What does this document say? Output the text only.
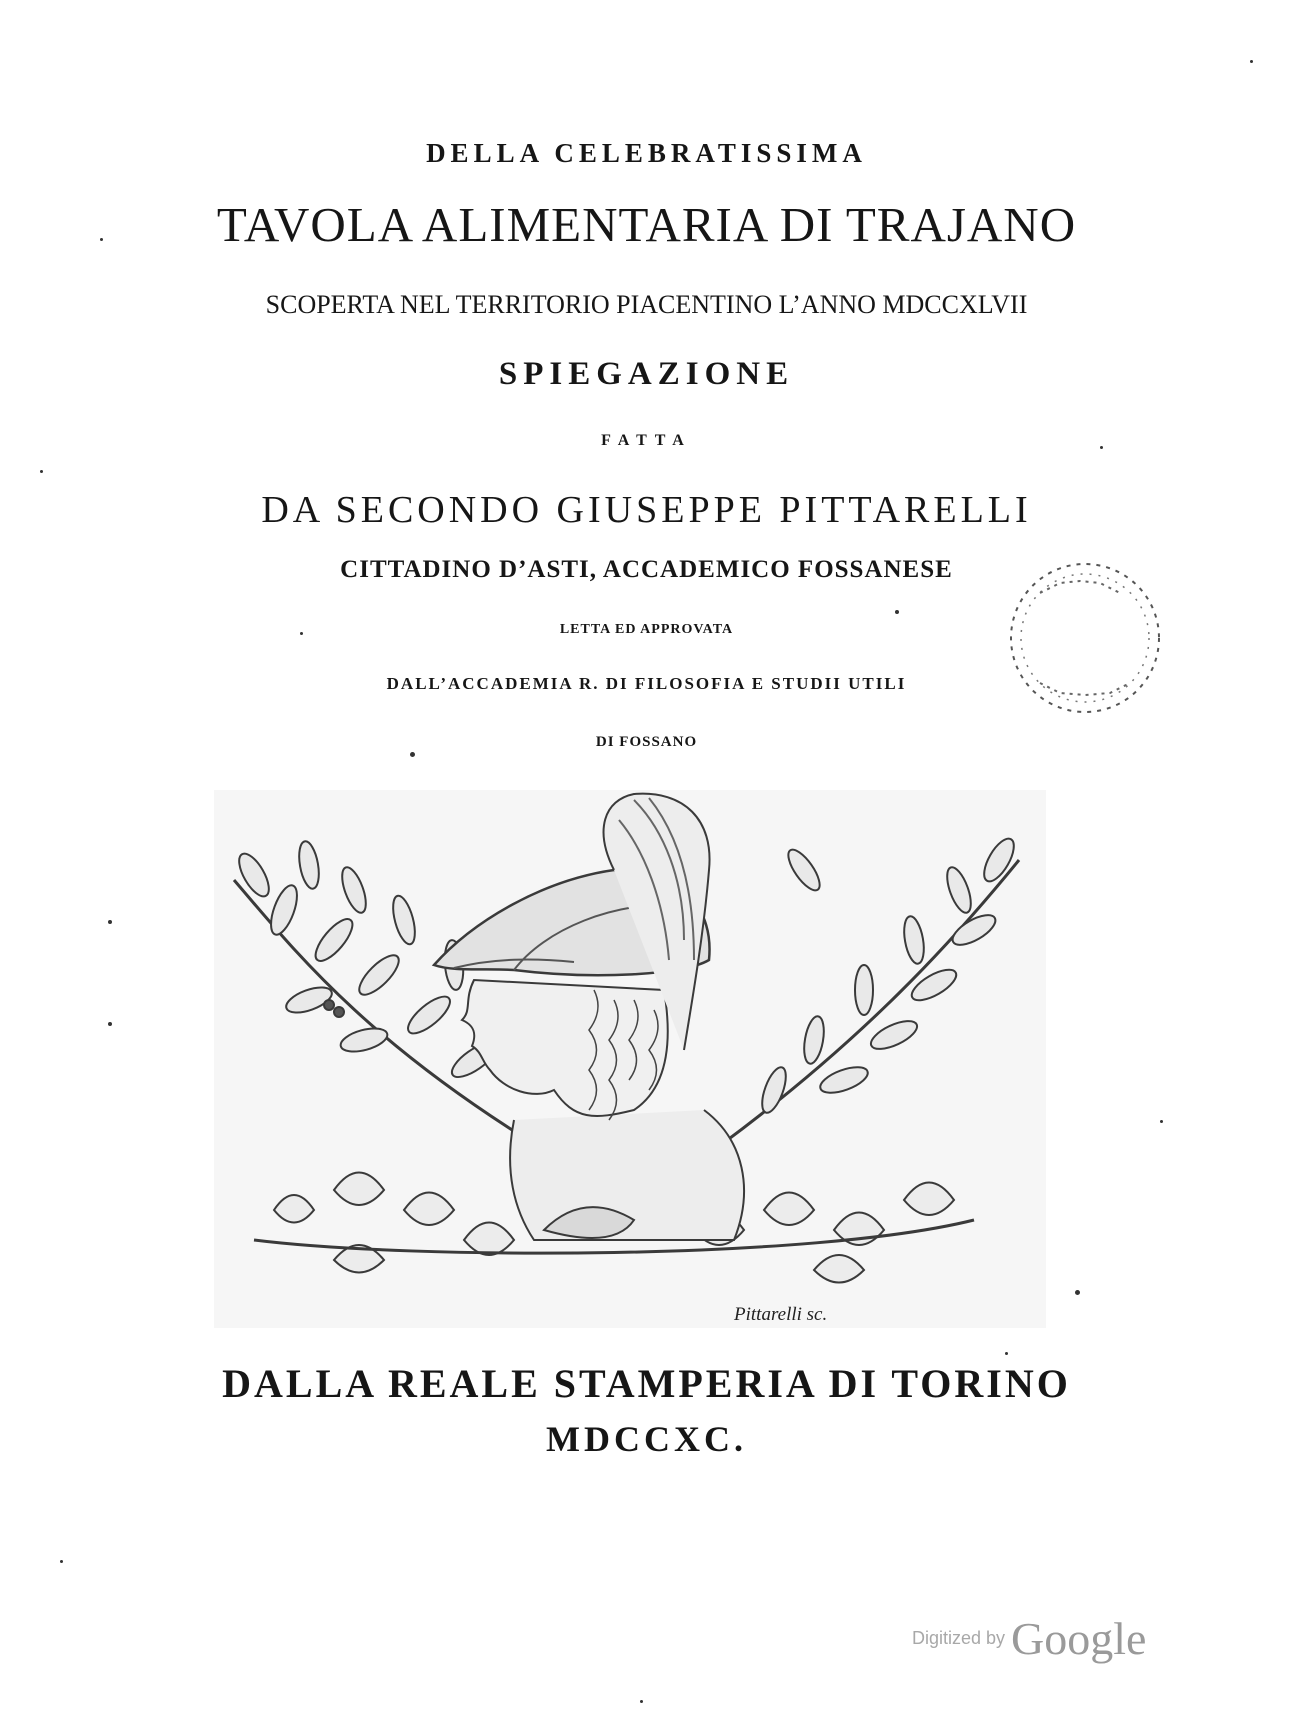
DELLA CELEBRATISSIMA
TAVOLA ALIMENTARIA DI TRAJANO
SCOPERTA NEL TERRITORIO PIACENTINO L’ANNO MDCCXLVII
SPIEGAZIONE
FATTA
DA SECONDO GIUSEPPE PITTARELLI
CITTADINO D’ASTI, ACCADEMICO FOSSANESE
LETTA ED APPROVATA
DALL’ACCADEMIA R. DI FILOSOFIA E STUDII UTILI
DI FOSSANO
Pittarelli sc.
DALLA REALE STAMPERIA DI TORINO
MDCCXC.
Digitized by Google
